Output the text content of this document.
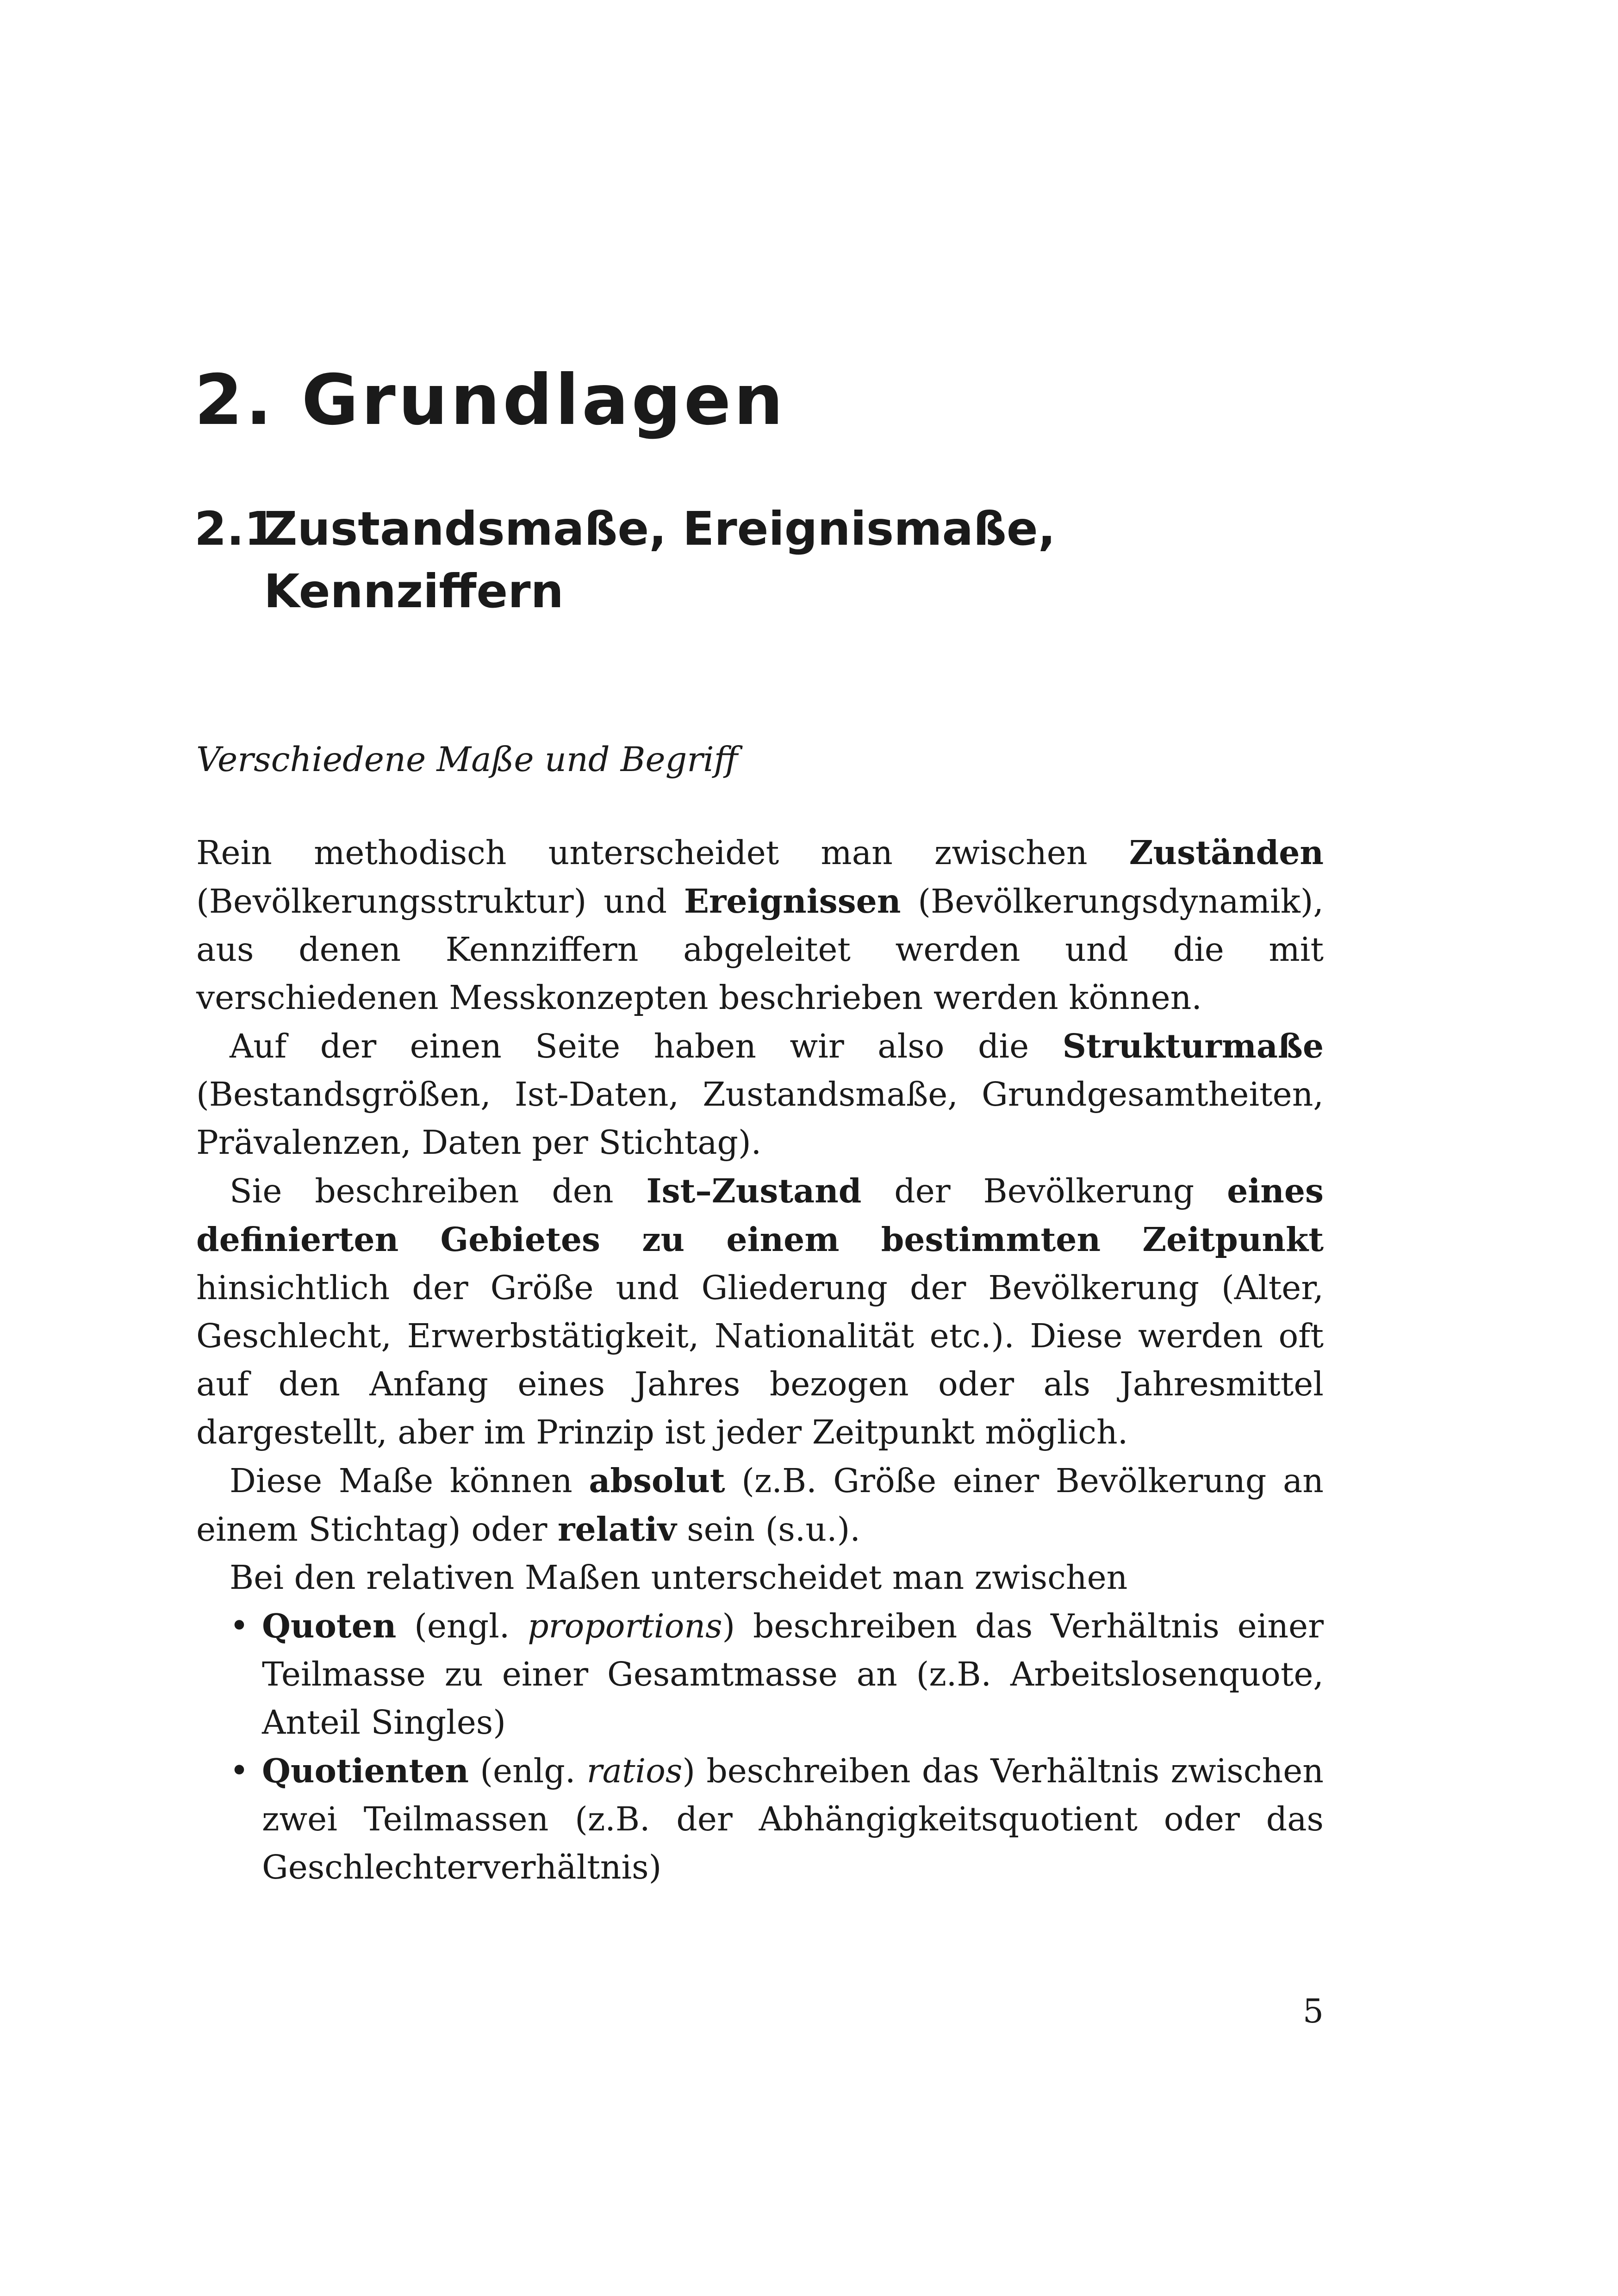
2. Grundlagen
2.1Zustandsmaße, Ereignismaße,
Kennziffern
Verschiedene Maße und Begriff

Rein methodisch unterscheidet man zwischen Zuständen (Bevölkerungsstruktur) und Ereignissen (Bevölkerungsdynamik), aus denen Kennziffern abgeleitet werden und die mit verschiedenen Messkonzepten beschrieben werden können.

Auf der einen Seite haben wir also die Strukturmaße (Bestandsgrößen, Ist-Daten, Zustandsmaße, Grundgesamtheiten, Prävalenzen, Daten per Stichtag).

Sie beschreiben den Ist–Zustand der Bevölkerung eines definierten Gebietes zu einem bestimmten Zeitpunkt hinsichtlich der Größe und Gliederung der Bevölkerung (Alter, Geschlecht, Erwerbstätigkeit, Nationalität etc.). Diese werden oft auf den Anfang eines Jahres bezogen oder als Jahresmittel dargestellt, aber im Prinzip ist jeder Zeitpunkt möglich.

Diese Maße können absolut (z.B. Größe einer Bevölkerung an einem Stichtag) oder relativ sein (s.u.).

Bei den relativen Maßen unterscheidet man zwischen

• Quoten (engl. proportions) beschreiben das Verhältnis einer Teilmasse zu einer Gesamtmasse an (z.B. Arbeitslosenquote, Anteil Singles)
• Quotienten (enlg. ratios) beschreiben das Verhältnis zwischen zwei Teilmassen (z.B. der Abhängigkeitsquotient oder das Geschlechterverhältnis)
5
